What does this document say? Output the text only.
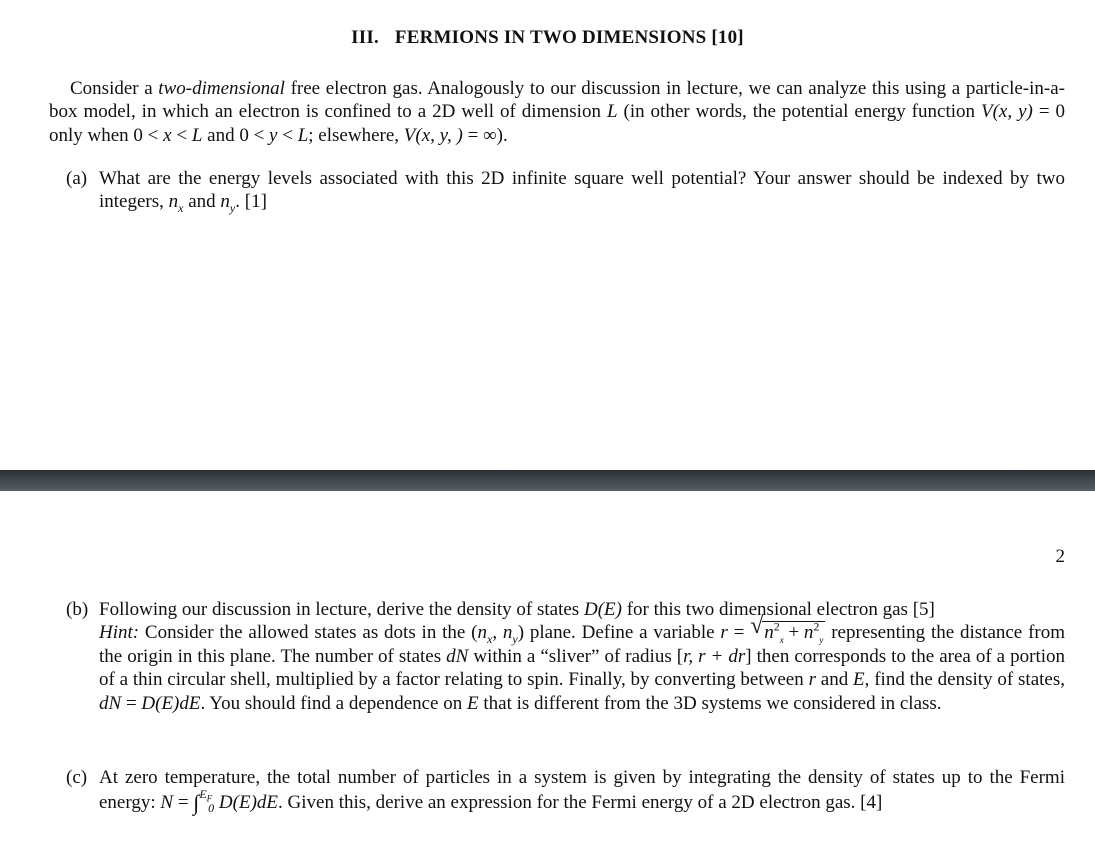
III. FERMIONS IN TWO DIMENSIONS [10]
Consider a two-dimensional free electron gas. Analogously to our discussion in lecture, we can analyze this using a particle-in-a-box model, in which an electron is confined to a 2D well of dimension L (in other words, the potential energy function V(x, y) = 0 only when 0 < x < L and 0 < y < L; elsewhere, V(x, y, ) = ∞).
(a) What are the energy levels associated with this 2D infinite square well potential? Your answer should be indexed by two integers, $n_x$ and $n_y$. [1]
2
(b) Following our discussion in lecture, derive the density of states D(E) for this two dimensional electron gas [5]
Hint: Consider the allowed states as dots in the ($n_x$, $n_y$) plane. Define a variable r = √ $n^2_x + n^2_y$ representing the distance from the origin in this plane. The number of states dN within a “sliver” of radius [r, r + dr] then corresponds to the area of a portion of a thin circular shell, multiplied by a factor relating to spin. Finally, by converting between r and E, find the density of states, dN = D(E)dE. You should find a dependence on E that is different from the 3D systems we considered in class.
(c) At zero temperature, the total number of particles in a system is given by integrating the density of states up to the Fermi energy: N = ∫$^{E_F}_0$ D(E)dE. Given this, derive an expression for the Fermi energy of a 2D electron gas. [4]
